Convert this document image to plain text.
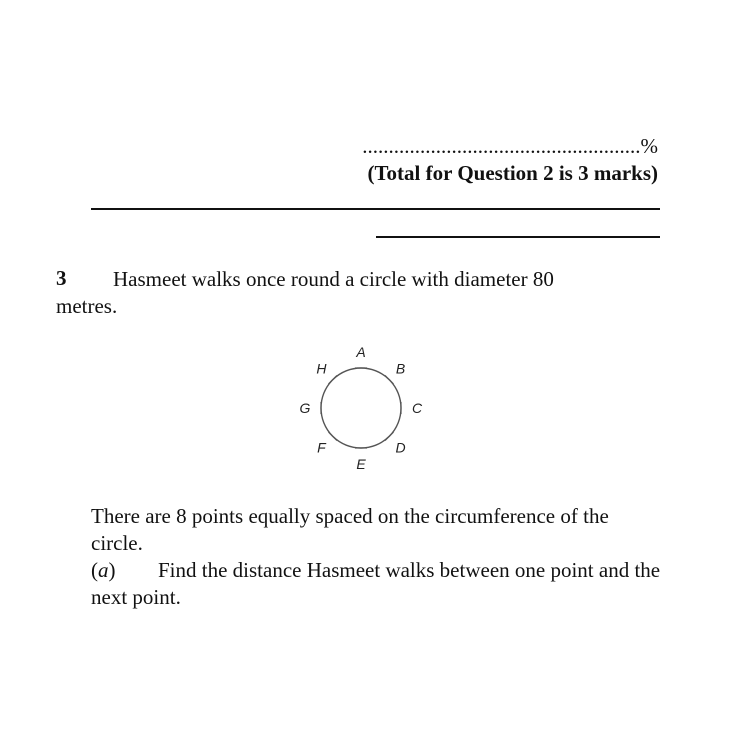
.....................................................%
(Total for Question 2 is 3 marks)
3	Hasmeet walks once round a circle with diameter 80 metres.
A
B
C
D
E
F
G
H
There are 8 points equally spaced on the circumference of the circle.
(a) Find the distance Hasmeet walks between one point and the next point.
